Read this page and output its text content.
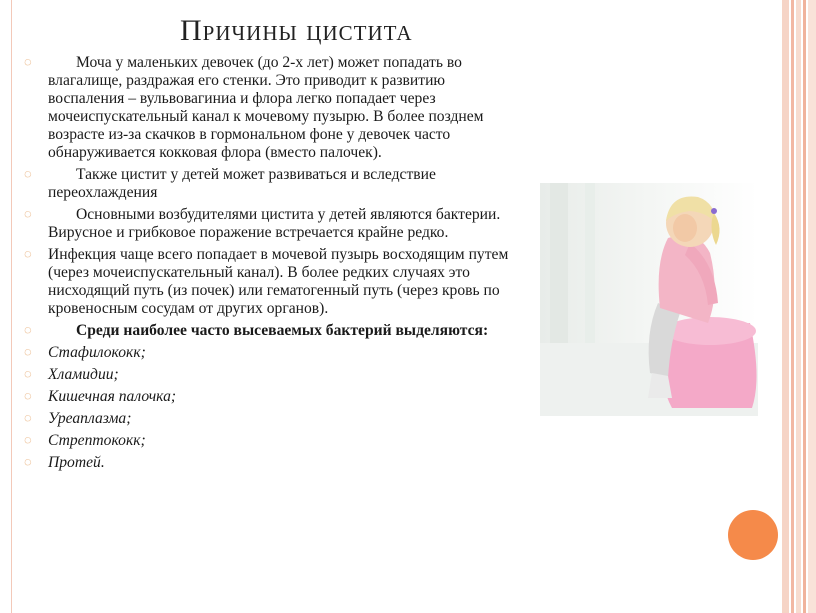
Причины цистита
◌	Моча у маленьких девочек (до 2-х лет) может попадать во влагалище, раздражая его стенки. Это приводит к развитию воспаления – вульвовагиниа и флора легко попадает через мочеиспускательный канал к мочевому пузырю. В более позднем возрасте из-за скачков в гормональном фоне у девочек часто обнаруживается кокковая флора (вместо палочек).
◌	Также цистит у детей может развиваться и вследствие переохлаждения
◌	Основными возбудителями цистита у детей являются бактерии. Вирусное и грибковое поражение встречается крайне редко.
◌ Инфекция чаще всего попадает в мочевой пузырь восходящим путем (через мочеиспускательный канал). В более редких случаях это нисходящий путь (из почек) или гематогенный путь (через кровь по кровеносным сосудам от других органов).
◌	Среди наиболее часто высеваемых бактерий выделяются:
◌ Стафилококк;
◌ Хламидии;
◌ Кишечная палочка;
◌ Уреаплазма;
◌ Стрептококк;
◌ Протей.
